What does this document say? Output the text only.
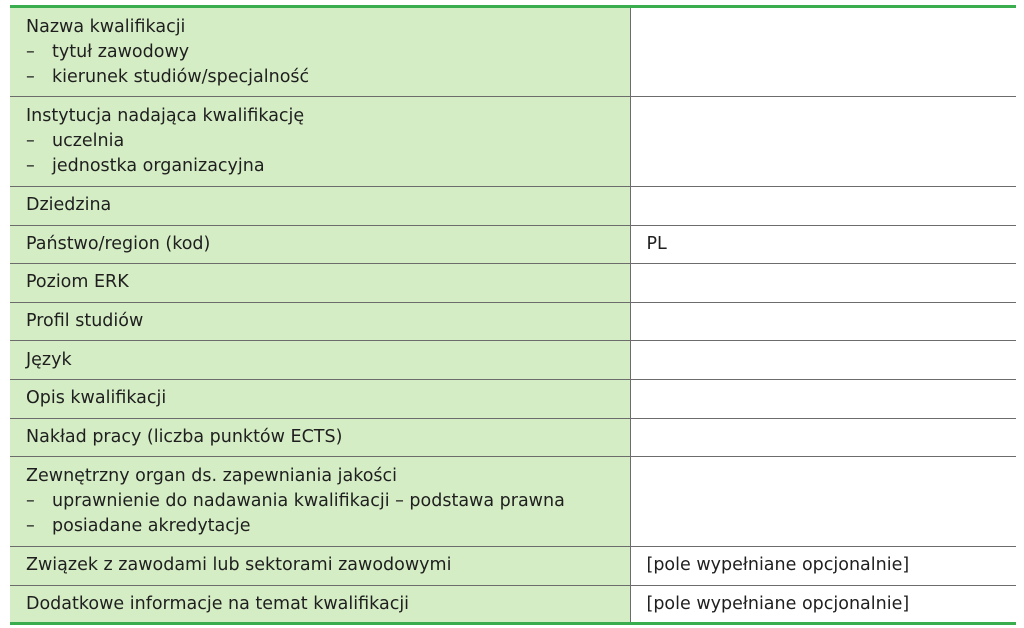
Nazwa kwalifikacji
– tytuł zawodowy
– kierunek studiów/specjalność	

Instytucja nadająca kwalifikację
– uczelnia
– jednostka organizacyjna	

Dziedzina	
Państwo/region (kod)	PL
Poziom ERK	
Profil studiów	
Język	
Opis kwalifikacji	
Nakład pracy (liczba punktów ECTS)	

Zewnętrzny organ ds. zapewniania jakości
– uprawnienie do nadawania kwalifikacji – podstawa prawna
– posiadane akredytacje	

Związek z zawodami lub sektorami zawodowymi	[pole wypełniane opcjonalnie]
Dodatkowe informacje na temat kwalifikacji	[pole wypełniane opcjonalnie]
